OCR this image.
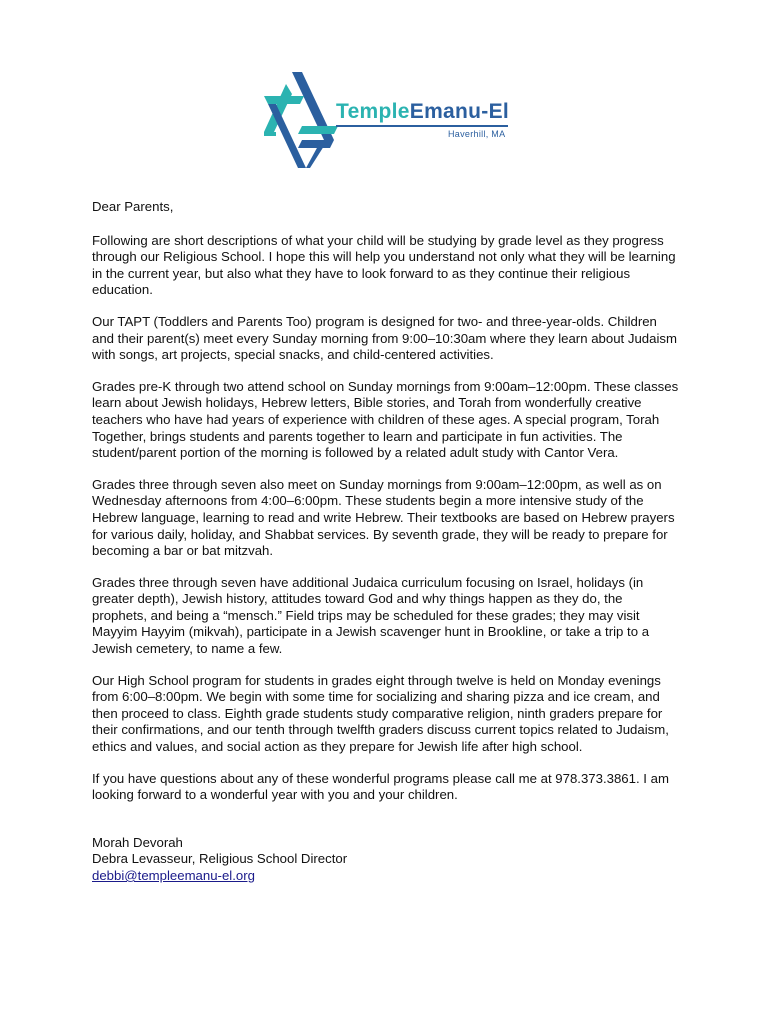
TempleEmanu-El
Haverhill, MA

Dear Parents,

Following are short descriptions of what your child will be studying by grade level as they progress through our Religious School. I hope this will help you understand not only what they will be learning in the current year, but also what they have to look forward to as they continue their religious education.

Our TAPT (Toddlers and Parents Too) program is designed for two- and three-year-olds. Children and their parent(s) meet every Sunday morning from 9:00–10:30am where they learn about Judaism with songs, art projects, special snacks, and child-centered activities.

Grades pre-K through two attend school on Sunday mornings from 9:00am–12:00pm. These classes learn about Jewish holidays, Hebrew letters, Bible stories, and Torah from wonderfully creative teachers who have had years of experience with children of these ages. A special program, Torah Together, brings students and parents together to learn and participate in fun activities. The student/parent portion of the morning is followed by a related adult study with Cantor Vera.

Grades three through seven also meet on Sunday mornings from 9:00am–12:00pm, as well as on Wednesday afternoons from 4:00–6:00pm. These students begin a more intensive study of the Hebrew language, learning to read and write Hebrew. Their textbooks are based on Hebrew prayers for various daily, holiday, and Shabbat services. By seventh grade, they will be ready to prepare for becoming a bar or bat mitzvah.

Grades three through seven have additional Judaica curriculum focusing on Israel, holidays (in greater depth), Jewish history, attitudes toward God and why things happen as they do, the prophets, and being a “mensch.” Field trips may be scheduled for these grades; they may visit Mayyim Hayyim (mikvah), participate in a Jewish scavenger hunt in Brookline, or take a trip to a Jewish cemetery, to name a few.

Our High School program for students in grades eight through twelve is held on Monday evenings from 6:00–8:00pm. We begin with some time for socializing and sharing pizza and ice cream, and then proceed to class. Eighth grade students study comparative religion, ninth graders prepare for their confirmations, and our tenth through twelfth graders discuss current topics related to Judaism, ethics and values, and social action as they prepare for Jewish life after high school.

If you have questions about any of these wonderful programs please call me at 978.373.3861. I am looking forward to a wonderful year with you and your children.

Morah Devorah
Debra Levasseur, Religious School Director
debbi@templeemanu-el.org
